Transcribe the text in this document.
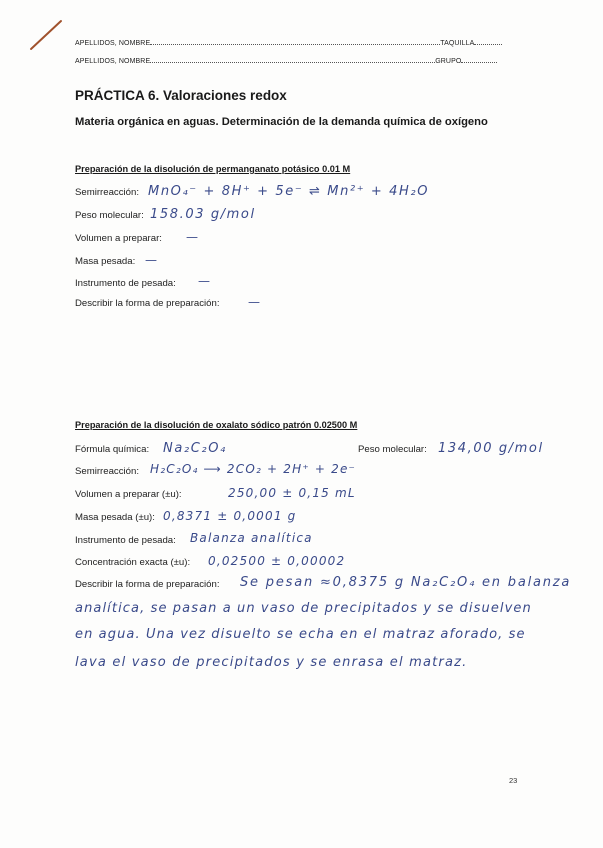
APELLIDOS, NOMBRE	TAQUILLA
APELLIDOS, NOMBRE	GRUPO
PRÁCTICA 6. Valoraciones redox
Materia orgánica en aguas. Determinación de la demanda química de oxígeno
Preparación de la disolución de permanganato potásico 0.01 M
Semirreacción: MnO₄⁻ + 8H⁺ + 5e⁻ ⇌ Mn²⁺ + 4H₂O
Peso molecular: 158.03 g/mol
Volumen a preparar: —
Masa pesada: —
Instrumento de pesada: —
Describir la forma de preparación: —
Preparación de la disolución de oxalato sódico patrón 0.02500 M
Fórmula química: Na₂C₂O₄	Peso molecular: 134,00 g/mol
Semirreacción: H₂C₂O₄ ⟶ 2CO₂ + 2H⁺ + 2e⁻
Volumen a preparar (±u):	250,00 ± 0,15 mL
Masa pesada (±u): 0,8371 ± 0,0001 g
Instrumento de pesada: Balanza analítica
Concentración exacta (±u): 0,02500 ± 0,00002
Describir la forma de preparación: Se pesan ≈0,8375 g Na₂C₂O₄ en balanza
analítica, se pasan a un vaso de precipitados y se disuelven
en agua. Una vez disuelto se echa en el matraz aforado, se
lava el vaso de precipitados y se enrasa el matraz.
23
